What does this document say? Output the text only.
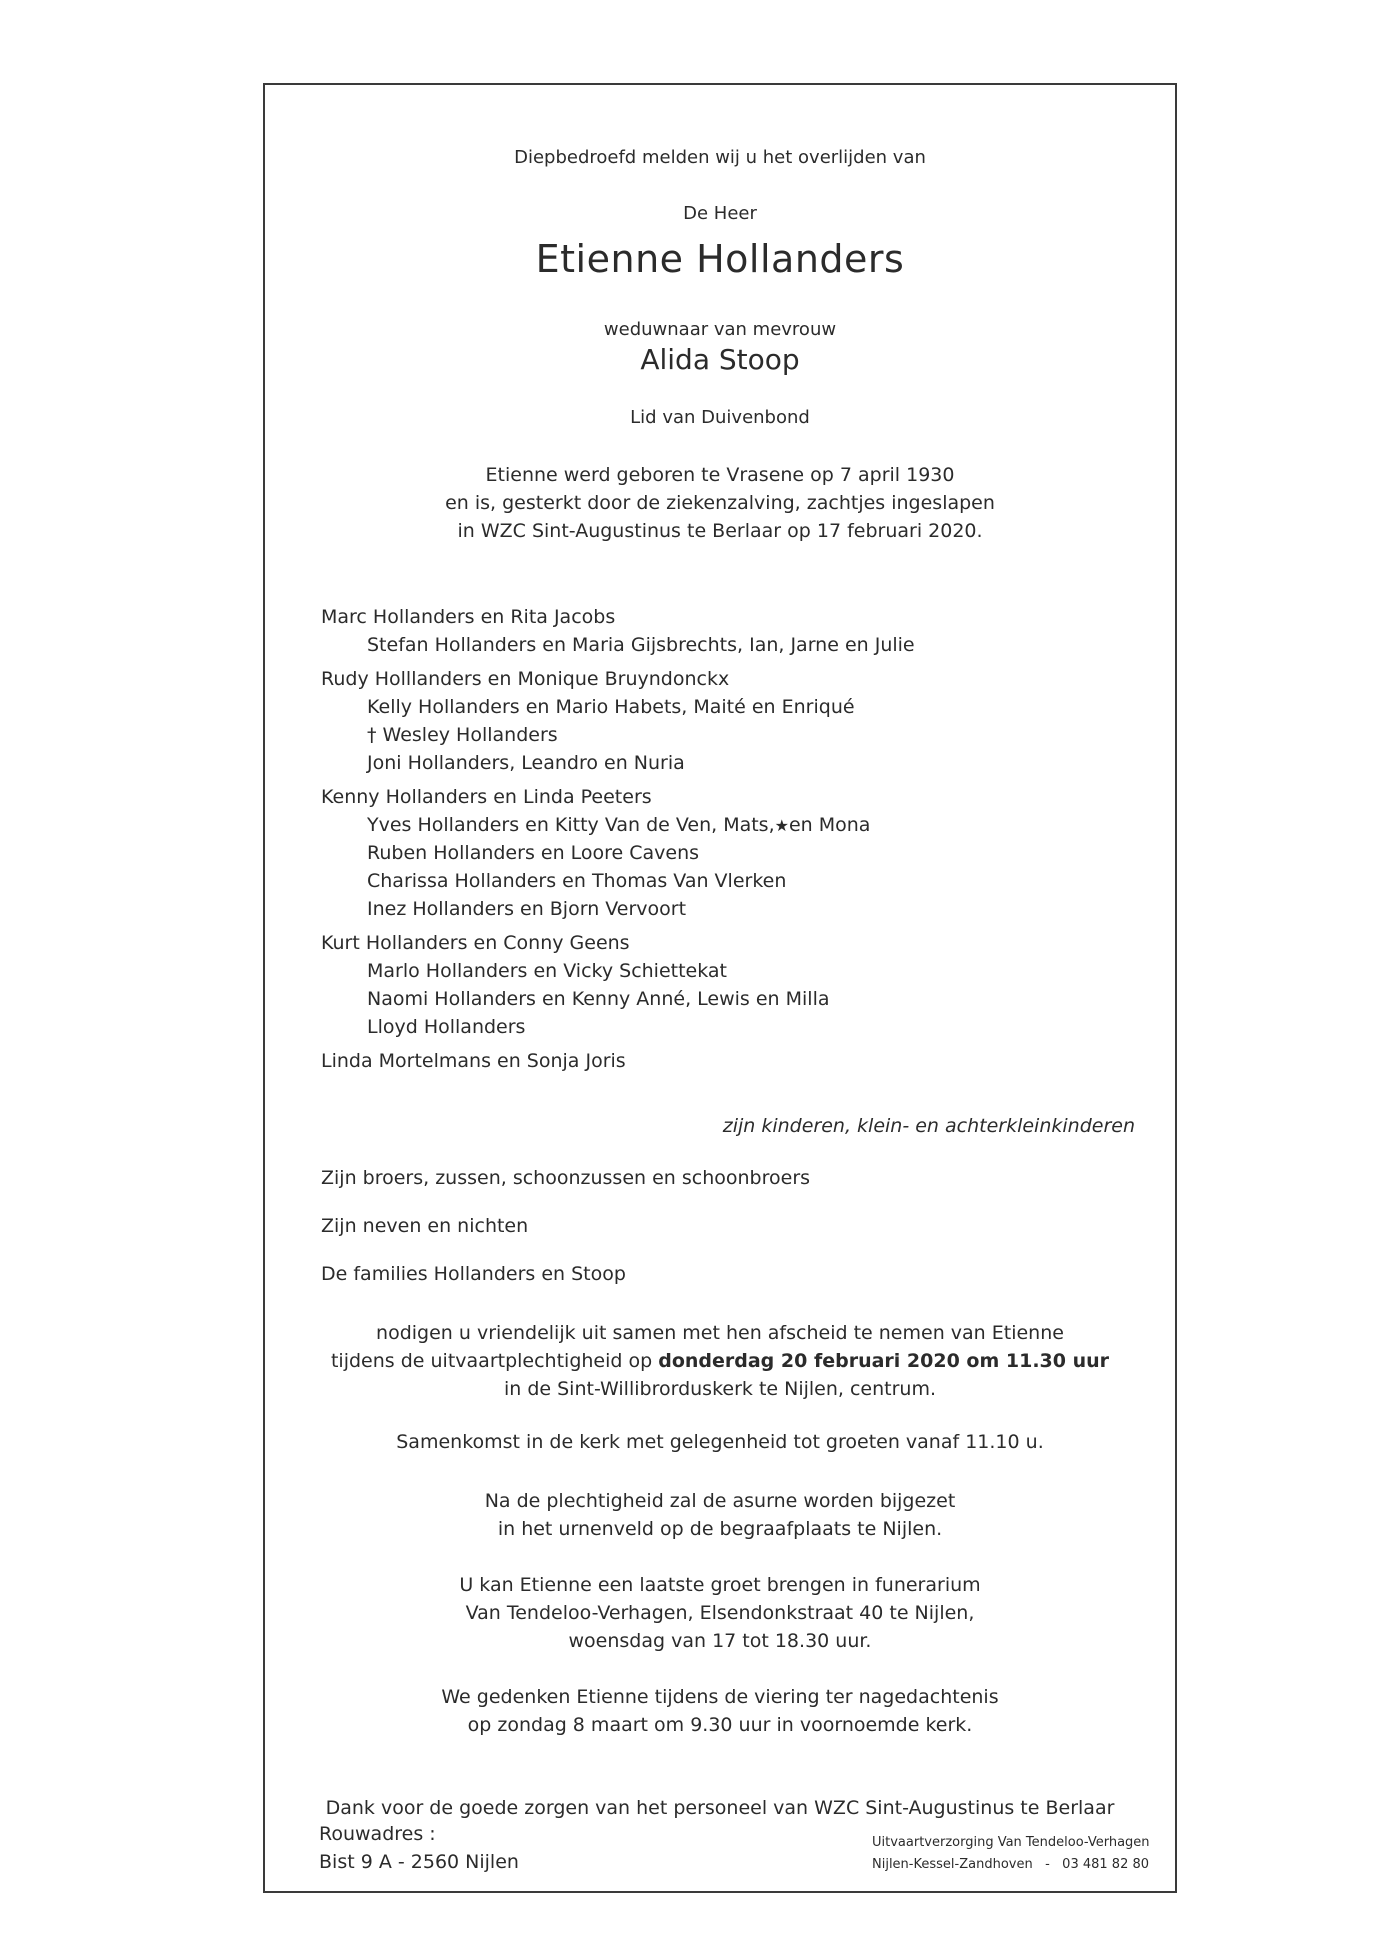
Diepbedroefd melden wij u het overlijden van
De Heer
Etienne Hollanders
weduwnaar van mevrouw
Alida Stoop
Lid van Duivenbond
Etienne werd geboren te Vrasene op 7 april 1930
en is, gesterkt door de ziekenzalving, zachtjes ingeslapen
in WZC Sint-Augustinus te Berlaar op 17 februari 2020.
Marc Hollanders en Rita Jacobs
Stefan Hollanders en Maria Gijsbrechts, Ian, Jarne en Julie
Rudy Holllanders en Monique Bruyndonckx
Kelly Hollanders en Mario Habets, Maité en Enriqué
† Wesley Hollanders
Joni Hollanders, Leandro en Nuria
Kenny Hollanders en Linda Peeters
Yves Hollanders en Kitty Van de Ven, Mats,★en Mona
Ruben Hollanders en Loore Cavens
Charissa Hollanders en Thomas Van Vlerken
Inez Hollanders en Bjorn Vervoort
Kurt Hollanders en Conny Geens
Marlo Hollanders en Vicky Schiettekat
Naomi Hollanders en Kenny Anné, Lewis en Milla
Lloyd Hollanders
Linda Mortelmans en Sonja Joris
zijn kinderen, klein- en achterkleinkinderen
Zijn broers, zussen, schoonzussen en schoonbroers
Zijn neven en nichten
De families Hollanders en Stoop
nodigen u vriendelijk uit samen met hen afscheid te nemen van Etienne
tijdens de uitvaartplechtigheid op donderdag 20 februari 2020 om 11.30 uur
in de Sint-Willibrorduskerk te Nijlen, centrum.
Samenkomst in de kerk met gelegenheid tot groeten vanaf 11.10 u.
Na de plechtigheid zal de asurne worden bijgezet
in het urnenveld op de begraafplaats te Nijlen.
U kan Etienne een laatste groet brengen in funerarium
Van Tendeloo-Verhagen, Elsendonkstraat 40 te Nijlen,
woensdag van 17 tot 18.30 uur.
We gedenken Etienne tijdens de viering ter nagedachtenis
op zondag 8 maart om 9.30 uur in voornoemde kerk.
Dank voor de goede zorgen van het personeel van WZC Sint-Augustinus te Berlaar
Rouwadres :
Bist 9 A - 2560 Nijlen
Uitvaartverzorging Van Tendeloo-Verhagen
Nijlen-Kessel-Zandhoven   -   03 481 82 80
